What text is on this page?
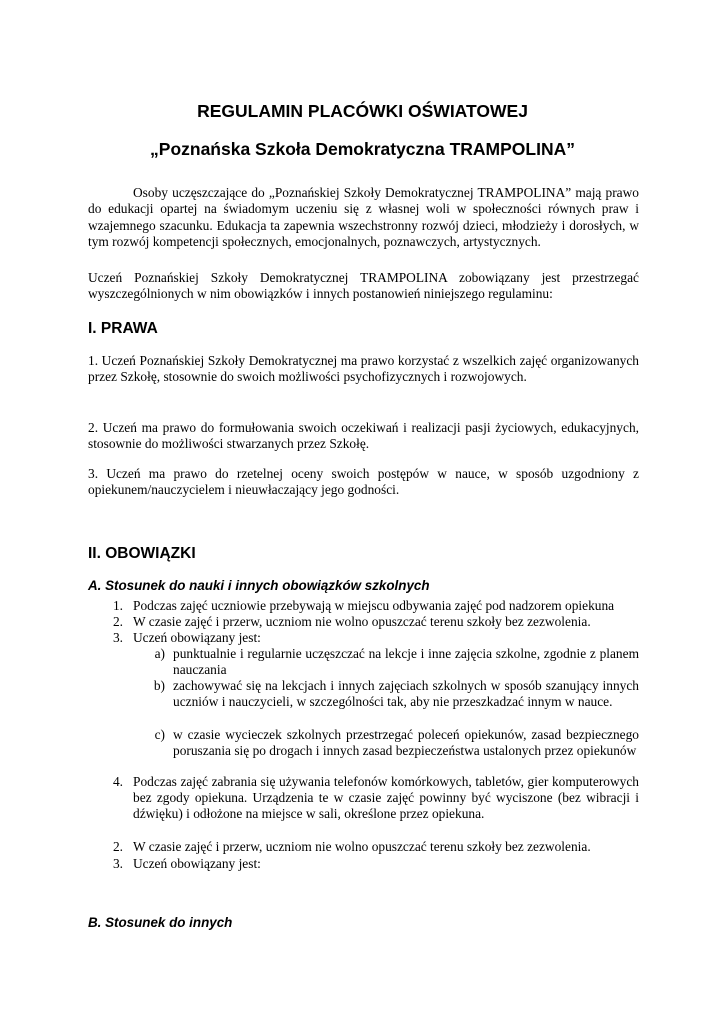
REGULAMIN PLACÓWKI OŚWIATOWEJ
„Poznańska Szkoła Demokratyczna TRAMPOLINA”

Osoby uczęszczające do „Poznańskiej Szkoły Demokratycznej TRAMPOLINA” mają prawo do edukacji opartej na świadomym uczeniu się z własnej woli w społeczności równych praw i wzajemnego szacunku. Edukacja ta zapewnia wszechstronny rozwój dzieci, młodzieży i dorosłych, w tym rozwój kompetencji społecznych, emocjonalnych, poznawczych, artystycznych.

Uczeń Poznańskiej Szkoły Demokratycznej TRAMPOLINA zobowiązany jest przestrzegać wyszczególnionych w nim obowiązków i innych postanowień niniejszego regulaminu:

I. PRAWA

1. Uczeń Poznańskiej Szkoły Demokratycznej ma prawo korzystać z wszelkich zajęć organizowanych przez Szkołę, stosownie do swoich możliwości psychofizycznych i rozwojowych.

2. Uczeń ma prawo do formułowania swoich oczekiwań i realizacji pasji życiowych, edukacyjnych, stosownie do możliwości stwarzanych przez Szkołę.

3. Uczeń ma prawo do rzetelnej oceny swoich postępów w nauce, w sposób uzgodniony z opiekunem/nauczycielem i nieuwłaczający jego godności.

II. OBOWIĄZKI
A. Stosunek do nauki i innych obowiązków szkolnych
1. Podczas zajęć uczniowie przebywają w miejscu odbywania zajęć pod nadzorem opiekuna
2. W czasie zajęć i przerw, uczniom nie wolno opuszczać terenu szkoły bez zezwolenia.
3. Uczeń obowiązany jest:
a) punktualnie i regularnie uczęszczać na lekcje i inne zajęcia szkolne, zgodnie z planem nauczania
b) zachowywać się na lekcjach i innych zajęciach szkolnych w sposób szanujący innych uczniów i nauczycieli, w szczególności tak, aby nie przeszkadzać innym w nauce.
c) w czasie wycieczek szkolnych przestrzegać poleceń opiekunów, zasad bezpiecznego poruszania się po drogach i innych zasad bezpieczeństwa ustalonych przez opiekunów
4. Podczas zajęć zabrania się używania telefonów komórkowych, tabletów, gier komputerowych bez zgody opiekuna. Urządzenia te w czasie zajęć powinny być wyciszone (bez wibracji i dźwięku) i odłożone na miejsce w sali, określone przez opiekuna.
2. W czasie zajęć i przerw, uczniom nie wolno opuszczać terenu szkoły bez zezwolenia.
3. Uczeń obowiązany jest:
B. Stosunek do innych
